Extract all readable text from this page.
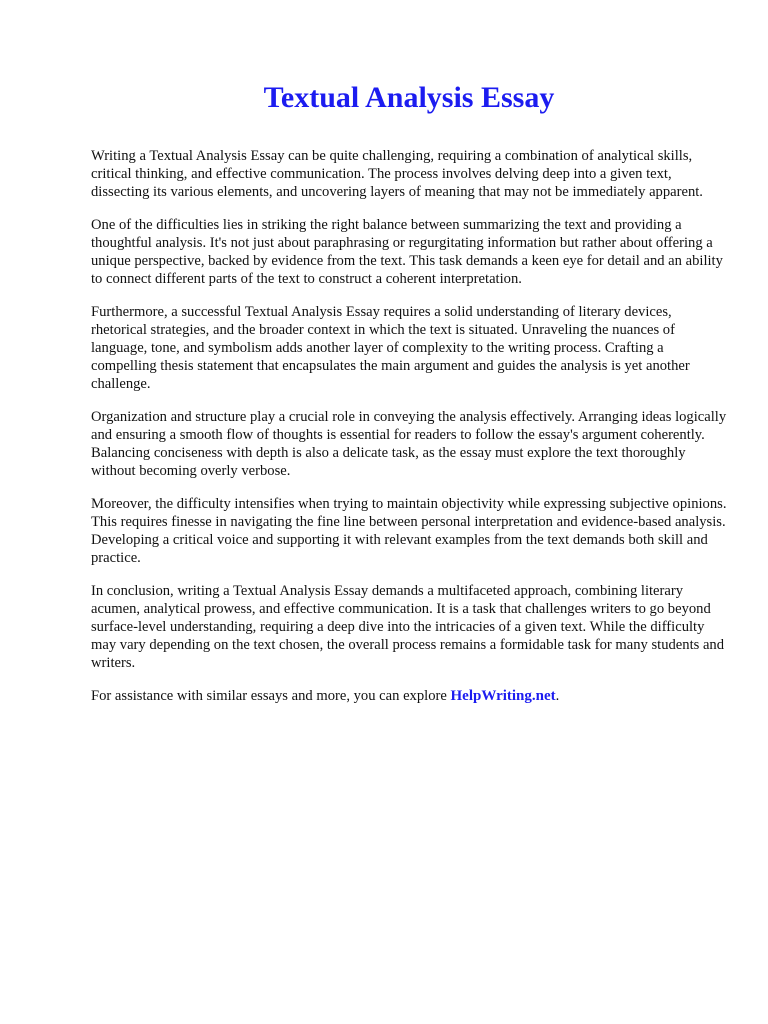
Textual Analysis Essay

Writing a Textual Analysis Essay can be quite challenging, requiring a combination of analytical skills, critical thinking, and effective communication. The process involves delving deep into a given text, dissecting its various elements, and uncovering layers of meaning that may not be immediately apparent.

One of the difficulties lies in striking the right balance between summarizing the text and providing a thoughtful analysis. It's not just about paraphrasing or regurgitating information but rather about offering a unique perspective, backed by evidence from the text. This task demands a keen eye for detail and an ability to connect different parts of the text to construct a coherent interpretation.

Furthermore, a successful Textual Analysis Essay requires a solid understanding of literary devices, rhetorical strategies, and the broader context in which the text is situated. Unraveling the nuances of language, tone, and symbolism adds another layer of complexity to the writing process. Crafting a compelling thesis statement that encapsulates the main argument and guides the analysis is yet another challenge.

Organization and structure play a crucial role in conveying the analysis effectively. Arranging ideas logically and ensuring a smooth flow of thoughts is essential for readers to follow the essay's argument coherently. Balancing conciseness with depth is also a delicate task, as the essay must explore the text thoroughly without becoming overly verbose.

Moreover, the difficulty intensifies when trying to maintain objectivity while expressing subjective opinions. This requires finesse in navigating the fine line between personal interpretation and evidence-based analysis. Developing a critical voice and supporting it with relevant examples from the text demands both skill and practice.

In conclusion, writing a Textual Analysis Essay demands a multifaceted approach, combining literary acumen, analytical prowess, and effective communication. It is a task that challenges writers to go beyond surface-level understanding, requiring a deep dive into the intricacies of a given text. While the difficulty may vary depending on the text chosen, the overall process remains a formidable task for many students and writers.

For assistance with similar essays and more, you can explore HelpWriting.net.
